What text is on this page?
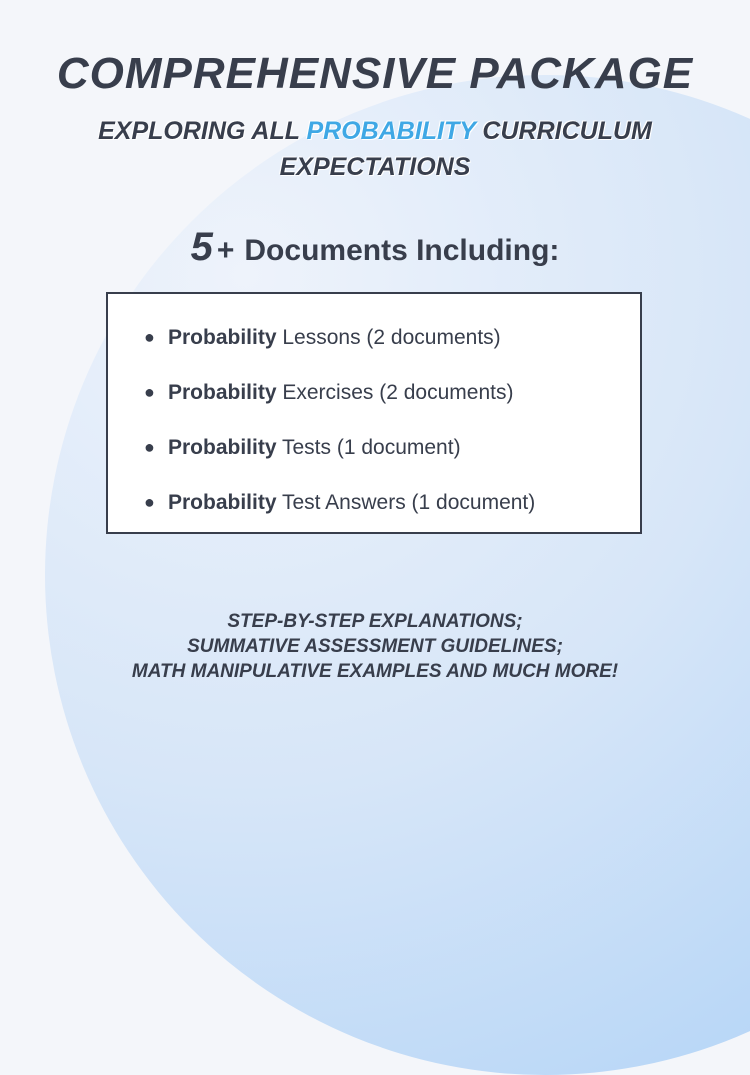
COMPREHENSIVE PACKAGE
EXPLORING ALL PROBABILITY CURRICULUM EXPECTATIONS
5 + Documents Including:
● Probability Lessons (2 documents)
● Probability Exercises (2 documents)
● Probability Tests (1 document)
● Probability Test Answers (1 document)
STEP-BY-STEP EXPLANATIONS;
SUMMATIVE ASSESSMENT GUIDELINES;
MATH MANIPULATIVE EXAMPLES AND MUCH MORE!
